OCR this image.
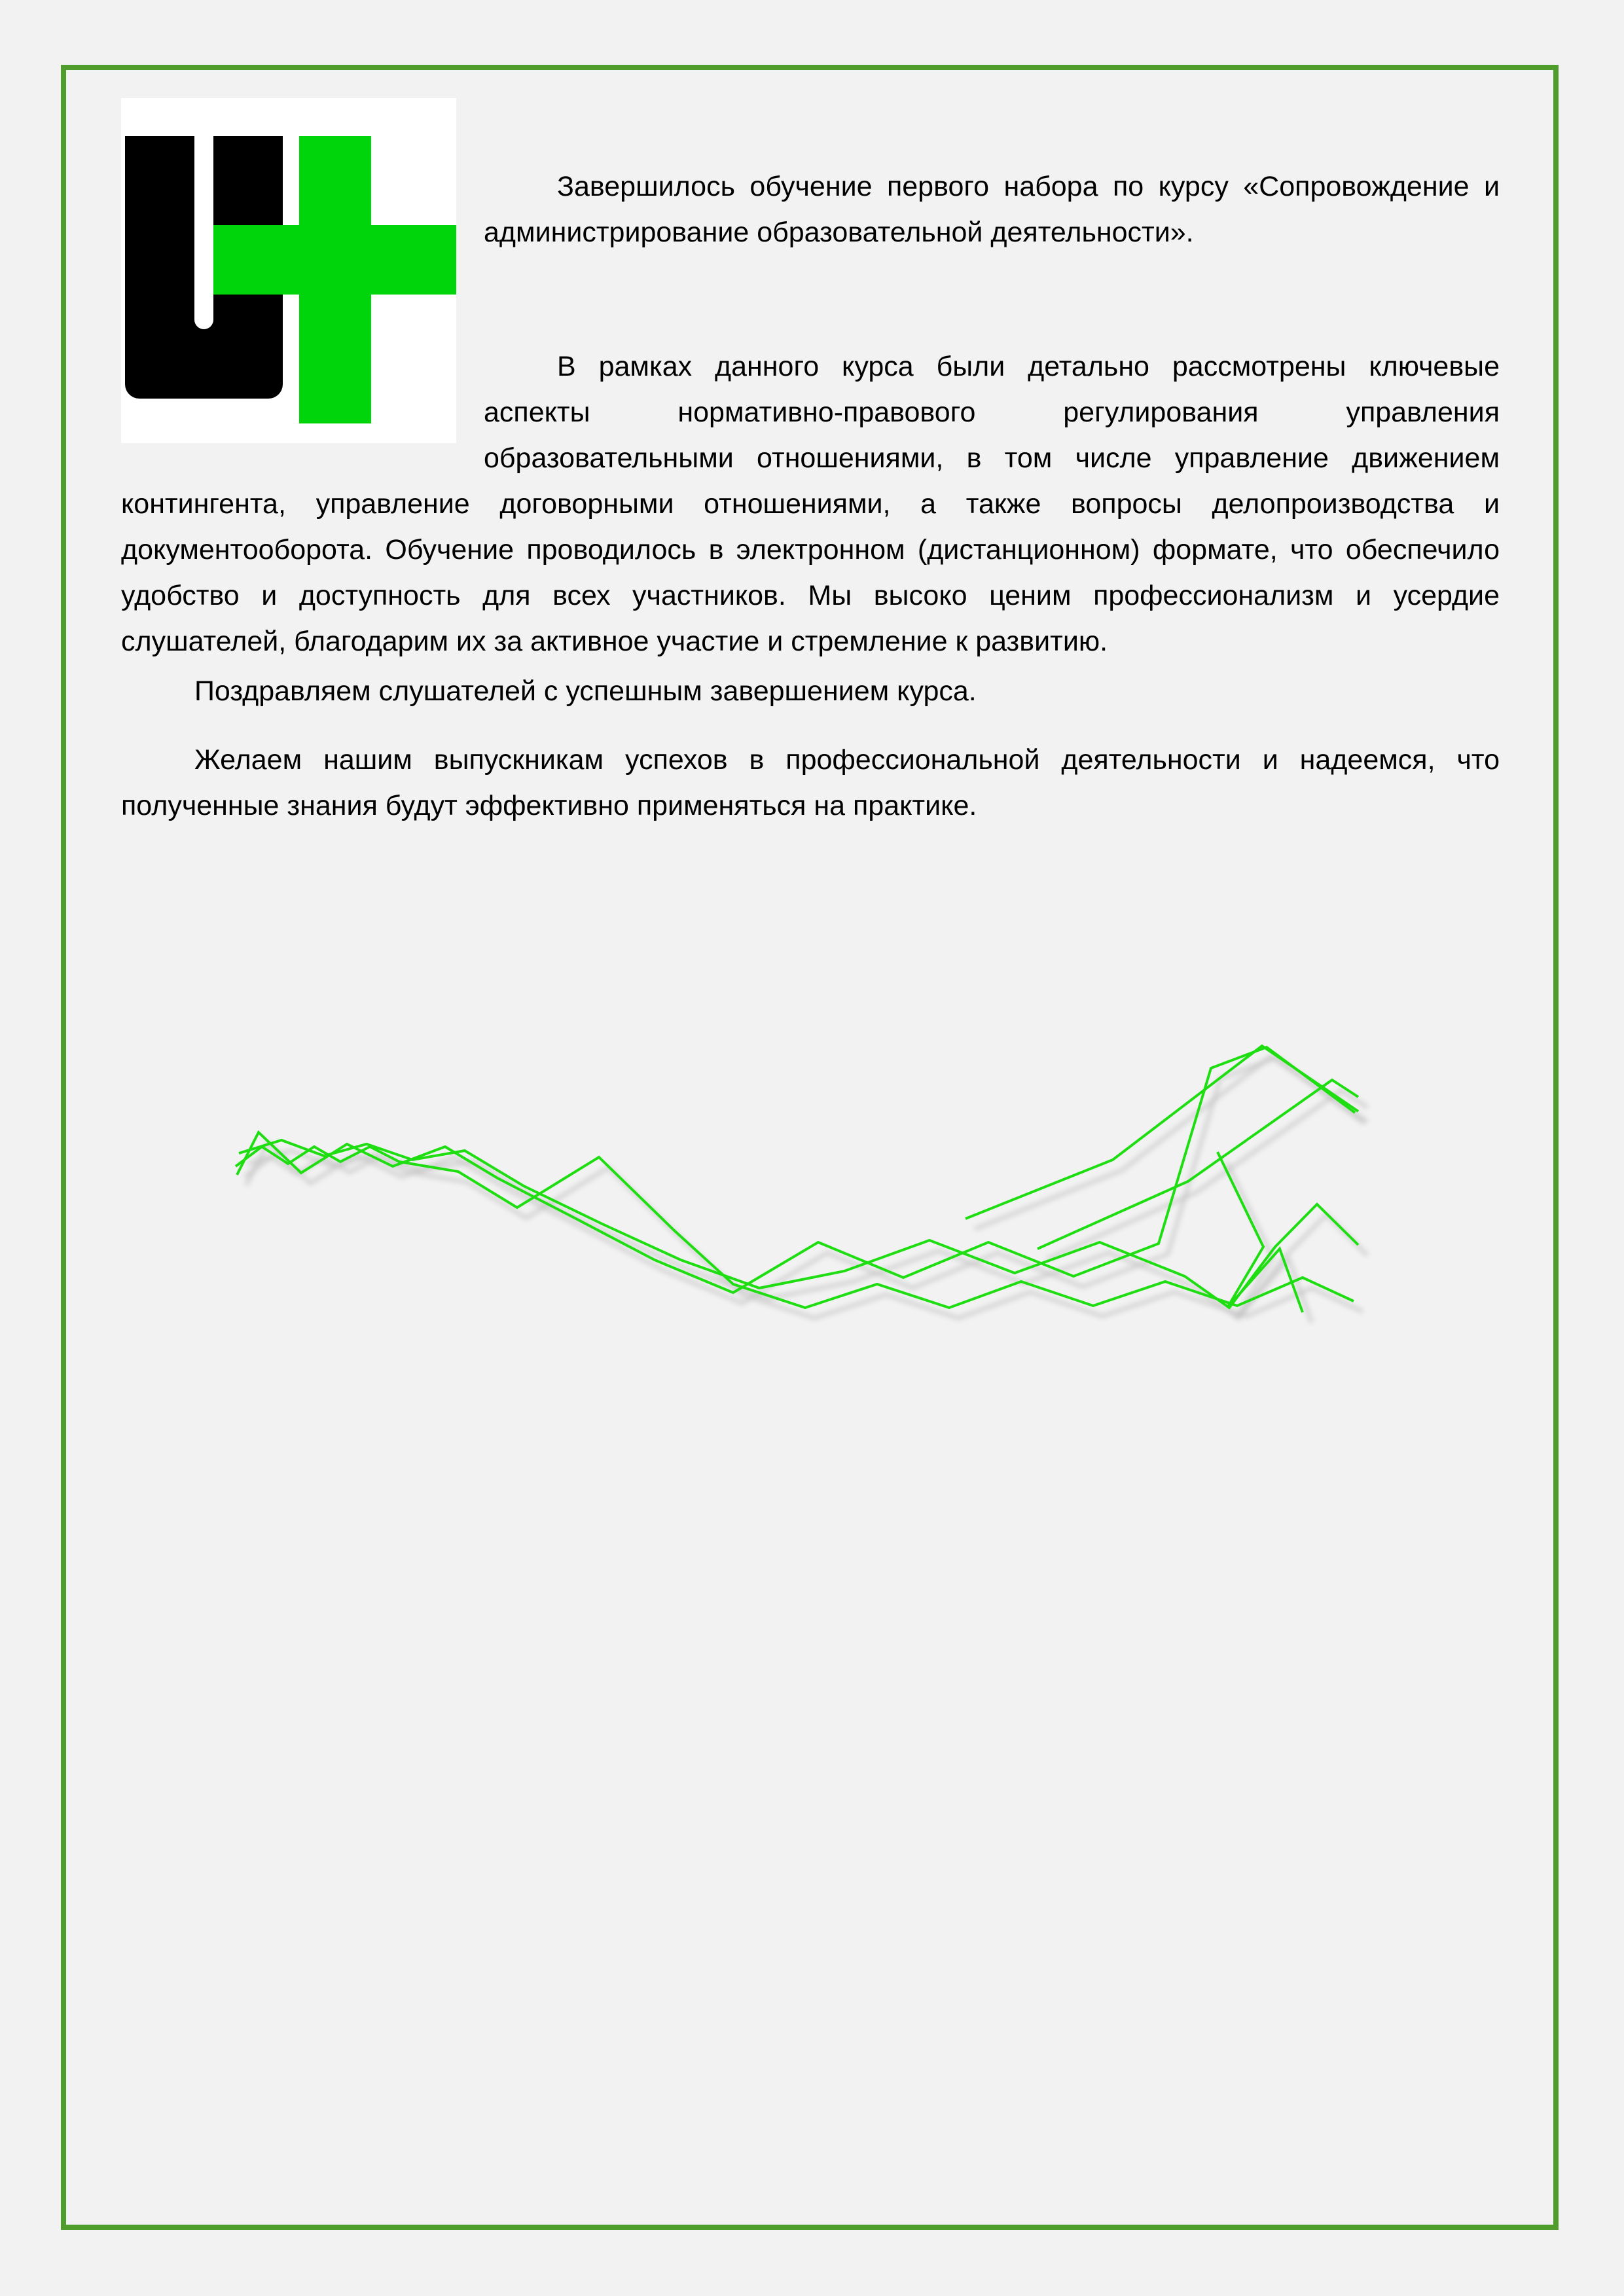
Завершилось обучение первого набора по курсу «Сопровождение и администрирование образовательной деятельности».

В рамках данного курса были детально рассмотрены ключевые аспекты нормативно-правового регулирования управления образовательными отношениями, в том числе управление движением контингента, управление договорными отношениями, а также вопросы делопроизводства и документооборота. Обучение проводилось в электронном (дистанционном) формате, что обеспечило удобство и доступность для всех участников. Мы высоко ценим профессионализм и усердие слушателей, благодарим их за активное участие и стремление к развитию.

Поздравляем слушателей с успешным завершением курса.

Желаем нашим выпускникам успехов в профессиональной деятельности и надеемся, что полученные знания будут эффективно применяться на практике.
